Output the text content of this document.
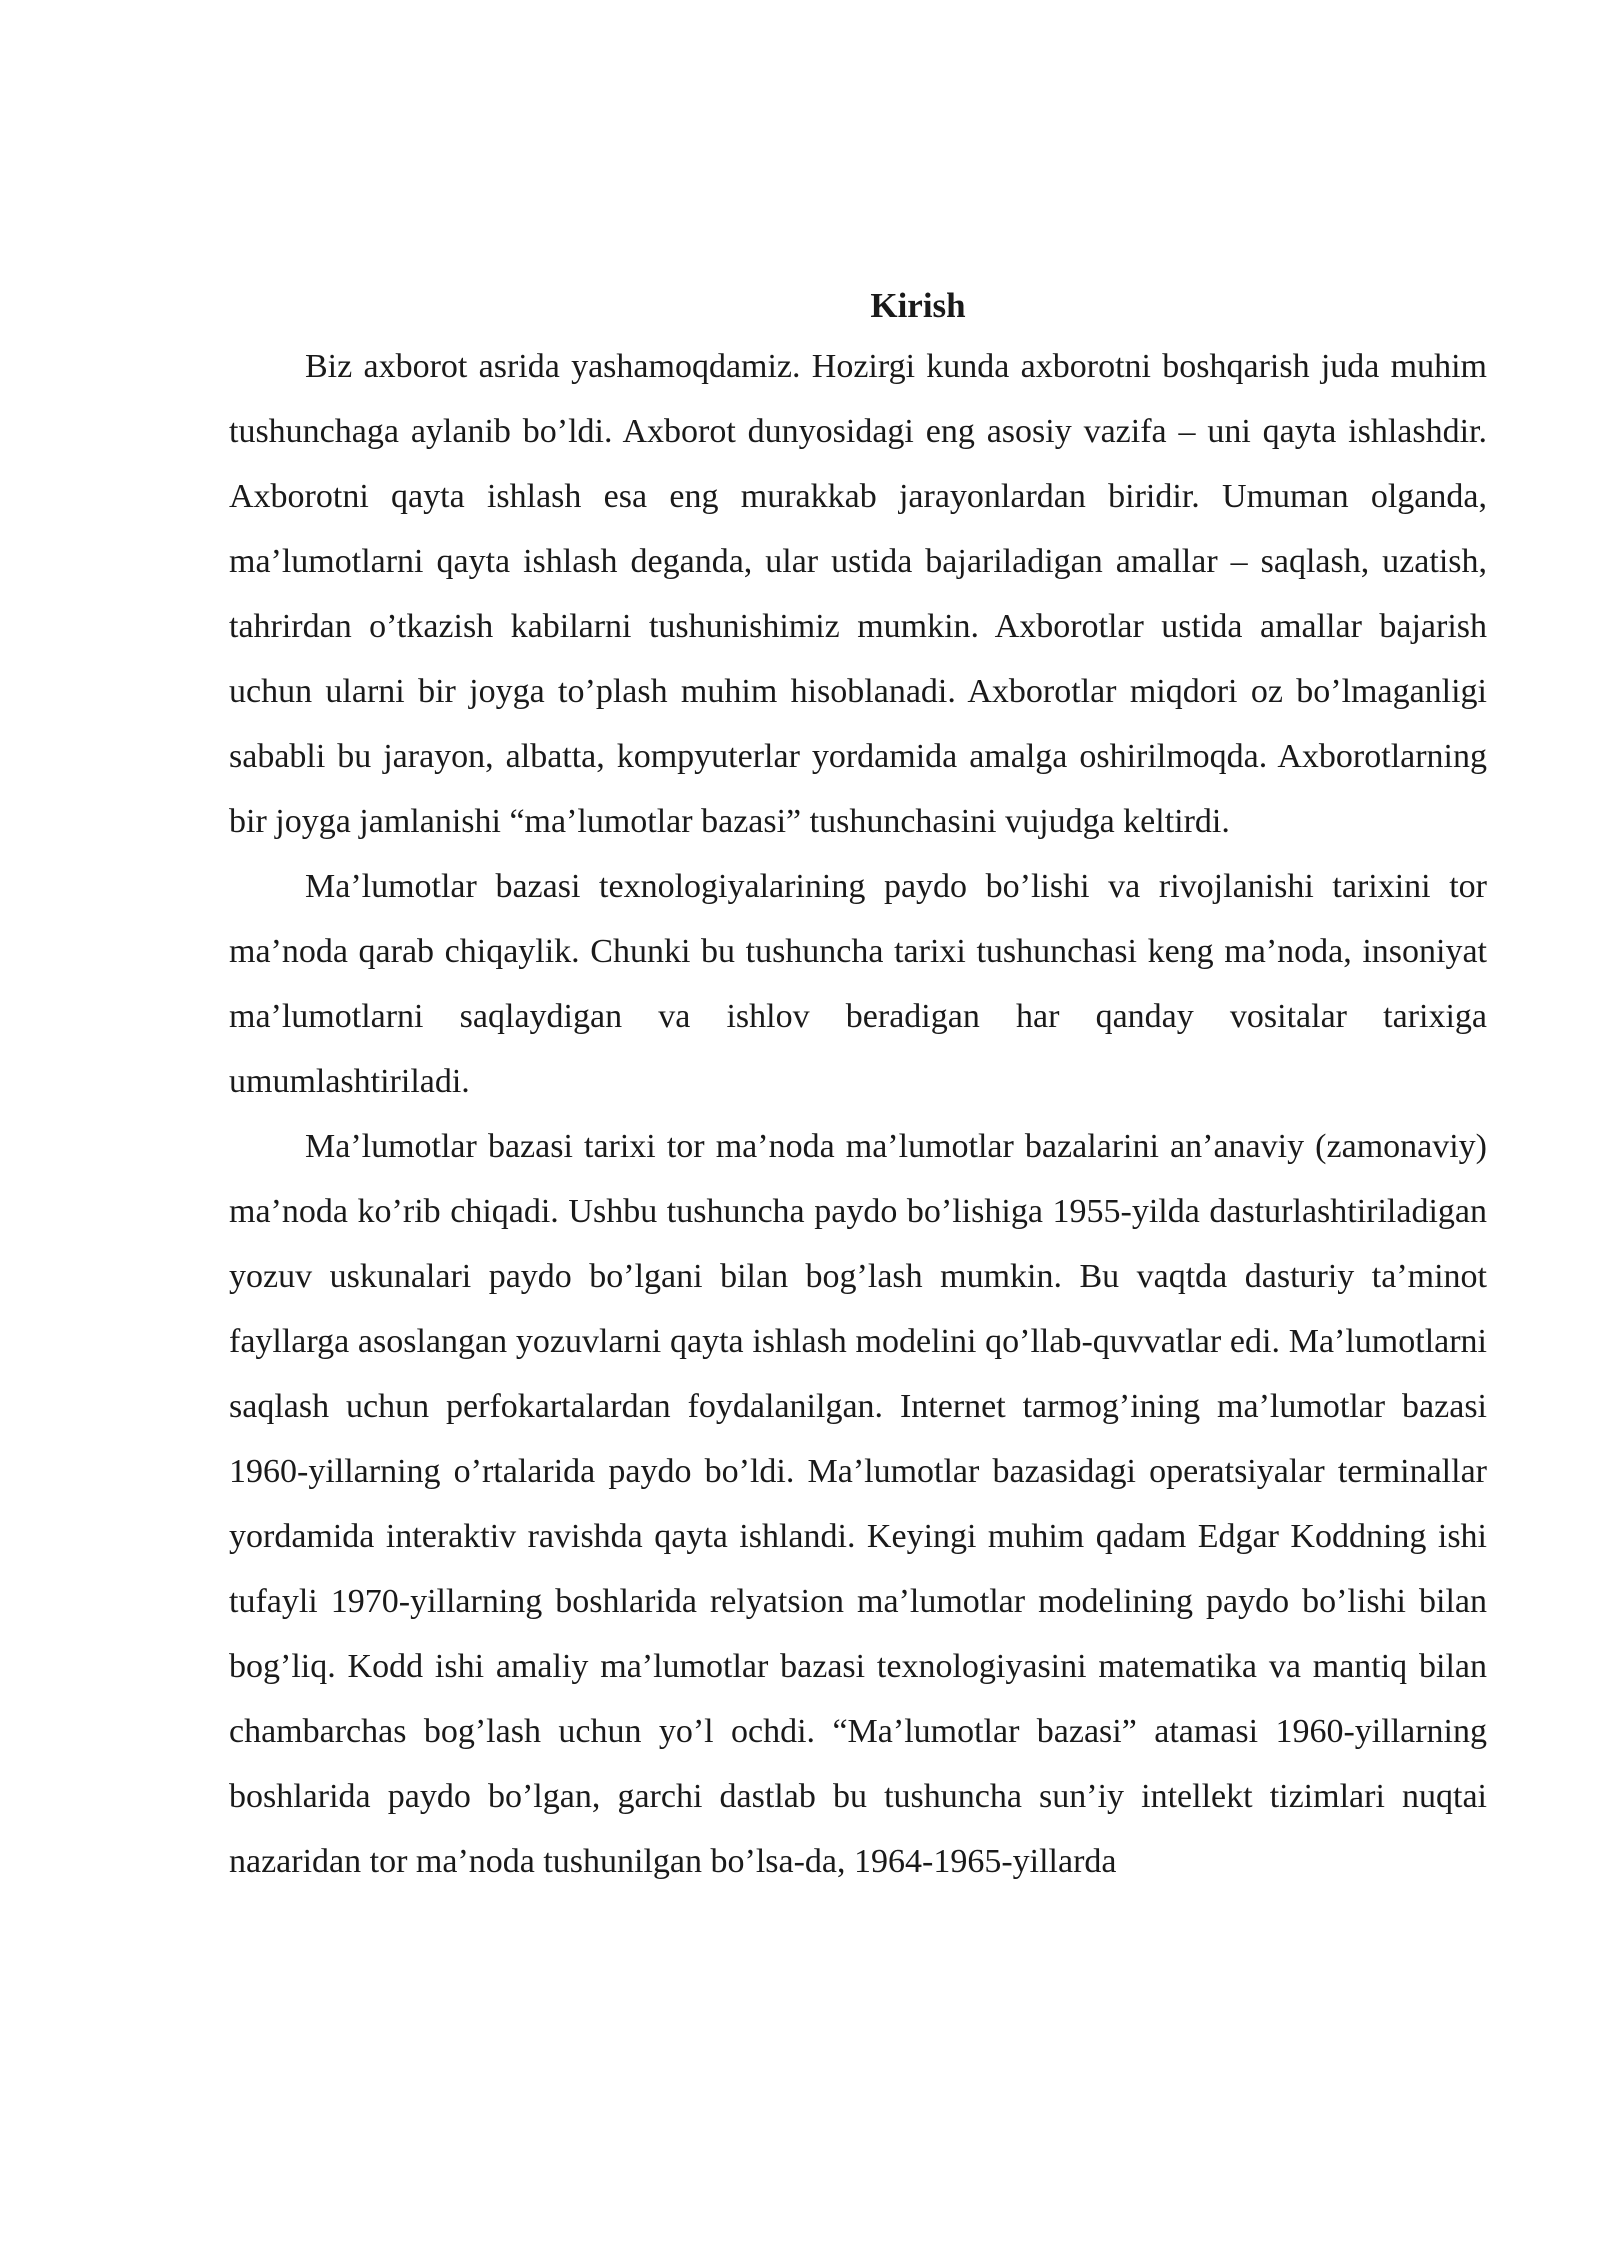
Kirish

Biz axborot asrida yashamoqdamiz. Hozirgi kunda axborotni boshqarish juda muhim tushunchaga aylanib bo’ldi. Axborot dunyosidagi eng asosiy vazifa – uni qayta ishlashdir. Axborotni qayta ishlash esa eng murakkab jarayonlardan biridir. Umuman olganda, ma’lumotlarni qayta ishlash deganda, ular ustida bajariladigan amallar – saqlash, uzatish, tahrirdan o’tkazish kabilarni tushunishimiz mumkin. Axborotlar ustida amallar bajarish uchun ularni bir joyga to’plash muhim hisoblanadi. Axborotlar miqdori oz bo’lmaganligi sababli bu jarayon, albatta, kompyuterlar yordamida amalga oshirilmoqda. Axborotlarning bir joyga jamlanishi “ma’lumotlar bazasi” tushunchasini vujudga keltirdi.

Ma’lumotlar bazasi texnologiyalarining paydo bo’lishi va rivojlanishi tarixini tor ma’noda qarab chiqaylik. Chunki bu tushuncha tarixi tushunchasi keng ma’noda, insoniyat ma’lumotlarni saqlaydigan va ishlov beradigan har qanday vositalar tarixiga umumlashtiriladi.

Ma’lumotlar bazasi tarixi tor ma’noda ma’lumotlar bazalarini an’anaviy (zamonaviy) ma’noda ko’rib chiqadi. Ushbu tushuncha paydo bo’lishiga 1955-yilda dasturlashtiriladigan yozuv uskunalari paydo bo’lgani bilan bog’lash mumkin. Bu vaqtda dasturiy ta’minot fayllarga asoslangan yozuvlarni qayta ishlash modelini qo’llab-quvvatlar edi. Ma’lumotlarni saqlash uchun perfokartalardan foydalanilgan. Internet tarmog’ining ma’lumotlar bazasi 1960-yillarning o’rtalarida paydo bo’ldi. Ma’lumotlar bazasidagi operatsiyalar terminallar yordamida interaktiv ravishda qayta ishlandi. Keyingi muhim qadam Edgar Koddning ishi tufayli 1970-yillarning boshlarida relyatsion ma’lumotlar modelining paydo bo’lishi bilan bog’liq. Kodd ishi amaliy ma’lumotlar bazasi texnologiyasini matematika va mantiq bilan chambarchas bog’lash uchun yo’l ochdi. “Ma’lumotlar bazasi” atamasi 1960-yillarning boshlarida paydo bo’lgan, garchi dastlab bu tushuncha sun’iy intellekt tizimlari nuqtai nazaridan tor ma’noda tushunilgan bo’lsa-da, 1964-1965-yillarda
